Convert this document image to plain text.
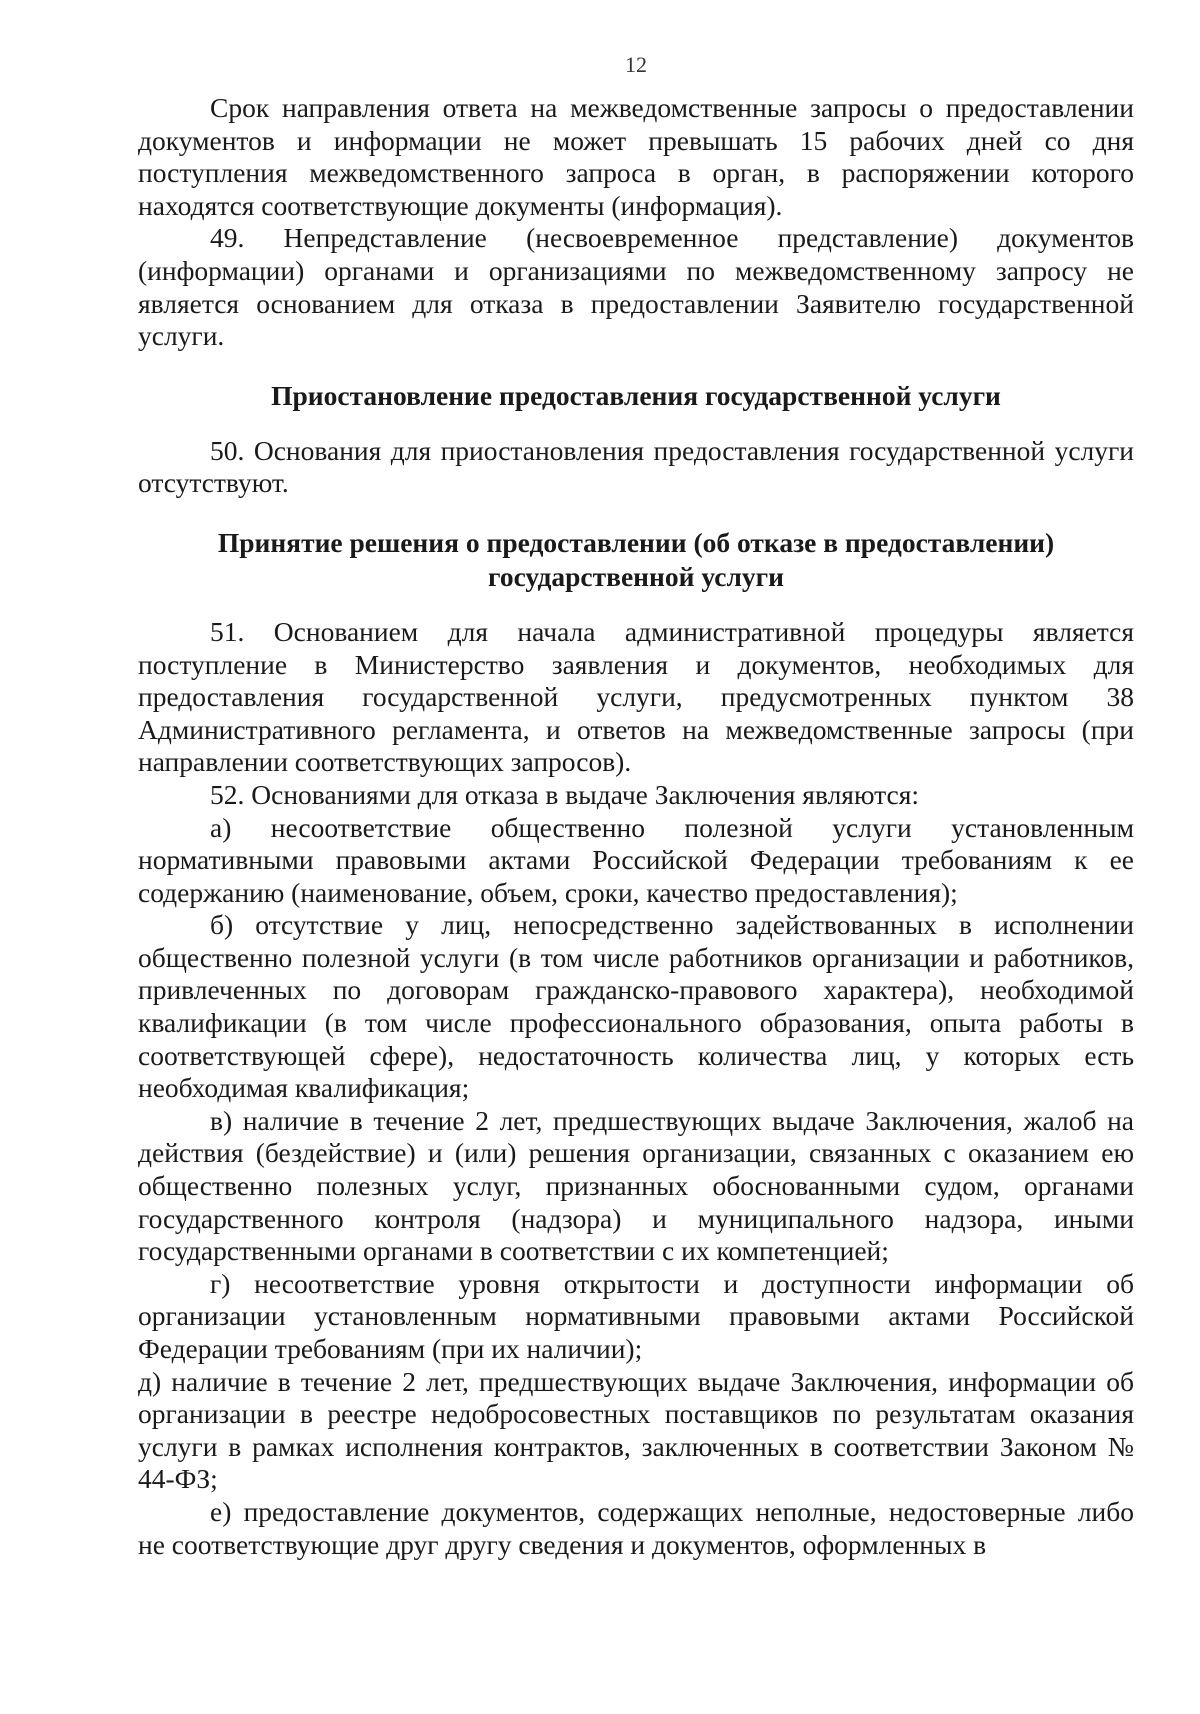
12

Срок направления ответа на межведомственные запросы о предоставлении документов и информации не может превышать 15 рабочих дней со дня поступления межведомственного запроса в орган, в распоряжении которого находятся соответствующие документы (информация).

49. Непредставление (несвоевременное представление) документов (информации) органами и организациями по межведомственному запросу не является основанием для отказа в предоставлении Заявителю государственной услуги.

Приостановление предоставления государственной услуги

50. Основания для приостановления предоставления государственной услуги отсутствуют.

Принятие решения о предоставлении (об отказе в предоставлении)
государственной услуги

51. Основанием для начала административной процедуры является поступление в Министерство заявления и документов, необходимых для предоставления государственной услуги, предусмотренных пунктом 38 Административного регламента, и ответов на межведомственные запросы (при направлении соответствующих запросов).

52. Основаниями для отказа в выдаче Заключения являются:

а) несоответствие общественно полезной услуги установленным нормативными правовыми актами Российской Федерации требованиям к ее содержанию (наименование, объем, сроки, качество предоставления);

б) отсутствие у лиц, непосредственно задействованных в исполнении общественно полезной услуги (в том числе работников организации и работников, привлеченных по договорам гражданско-правового характера), необходимой квалификации (в том числе профессионального образования, опыта работы в соответствующей сфере), недостаточность количества лиц, у которых есть необходимая квалификация;

в) наличие в течение 2 лет, предшествующих выдаче Заключения, жалоб на действия (бездействие) и (или) решения организации, связанных с оказанием ею общественно полезных услуг, признанных обоснованными судом, органами государственного контроля (надзора) и муниципального надзора, иными государственными органами в соответствии с их компетенцией;

г) несоответствие уровня открытости и доступности информации об организации установленным нормативными правовыми актами Российской Федерации требованиям (при их наличии);

д) наличие в течение 2 лет, предшествующих выдаче Заключения, информации об организации в реестре недобросовестных поставщиков по результатам оказания услуги в рамках исполнения контрактов, заключенных в соответствии Законом № 44-ФЗ;

е) предоставление документов, содержащих неполные, недостоверные либо не соответствующие друг другу сведения и документов, оформленных в
